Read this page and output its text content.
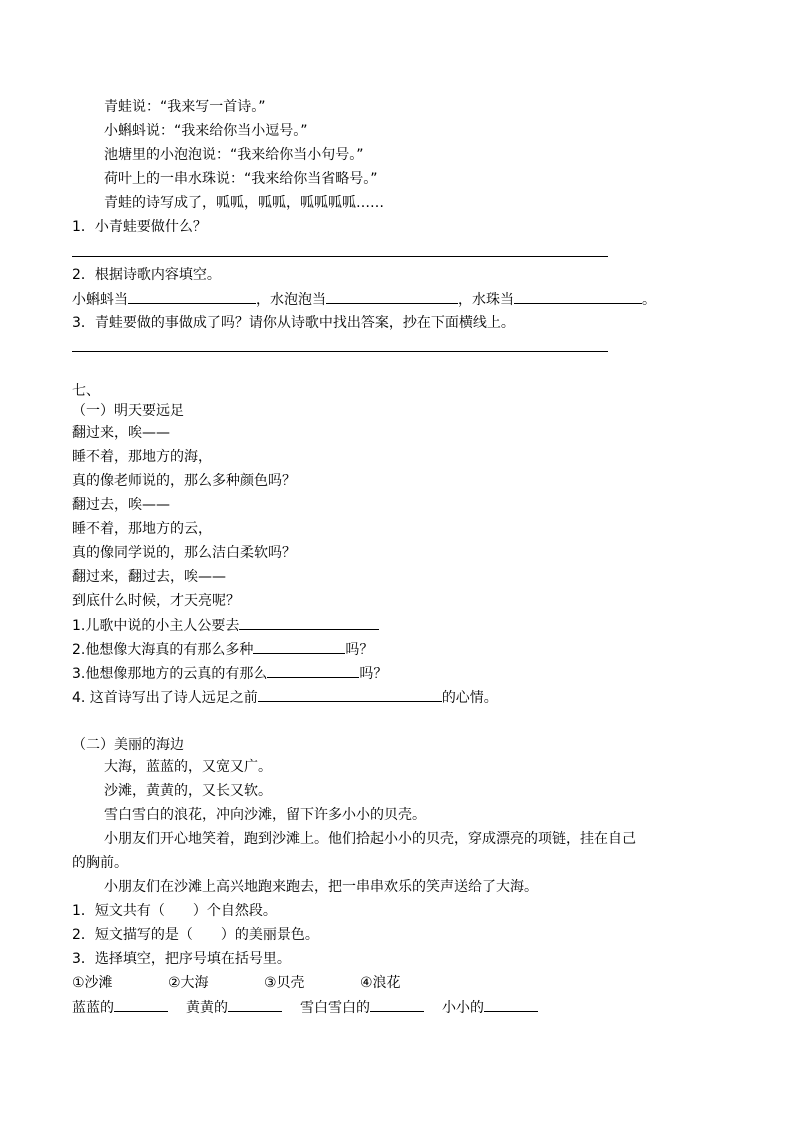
青蛙说：“我来写一首诗。”
小蝌蚪说：“我来给你当小逗号。”
池塘里的小泡泡说：“我来给你当小句号。”
荷叶上的一串水珠说：“我来给你当省略号。”
青蛙的诗写成了，呱呱，呱呱，呱呱呱呱……
1．小青蛙要做什么？
2．根据诗歌内容填空。
小蝌蚪当	，水泡泡当	，水珠当	。
3．青蛙要做的事做成了吗？请你从诗歌中找出答案，抄在下面横线上。
七、
（一）明天要远足
翻过来，唉——
睡不着，那地方的海，
真的像老师说的，那么多种颜色吗？
翻过去，唉——
睡不着，那地方的云，
真的像同学说的，那么洁白柔软吗？
翻过来，翻过去，唉——
到底什么时候，才天亮呢？
1.儿歌中说的小主人公要去
2.他想像大海真的有那么多种	吗？
3.他想像那地方的云真的有那么	吗？
4. 这首诗写出了诗人远足之前	的心情。
（二）美丽的海边
大海，蓝蓝的，又宽又广。
沙滩，黄黄的，又长又软。
雪白雪白的浪花，冲向沙滩，留下许多小小的贝壳。
小朋友们开心地笑着，跑到沙滩上。他们拾起小小的贝壳，穿成漂亮的项链，挂在自己
的胸前。
小朋友们在沙滩上高兴地跑来跑去，把一串串欢乐的笑声送给了大海。
1．短文共有（　　）个自然段。
2．短文描写的是（　　）的美丽景色。
3．选择填空，把序号填在括号里。
①沙滩	②大海	③贝壳	④浪花
蓝蓝的	黄黄的	雪白雪白的	小小的
